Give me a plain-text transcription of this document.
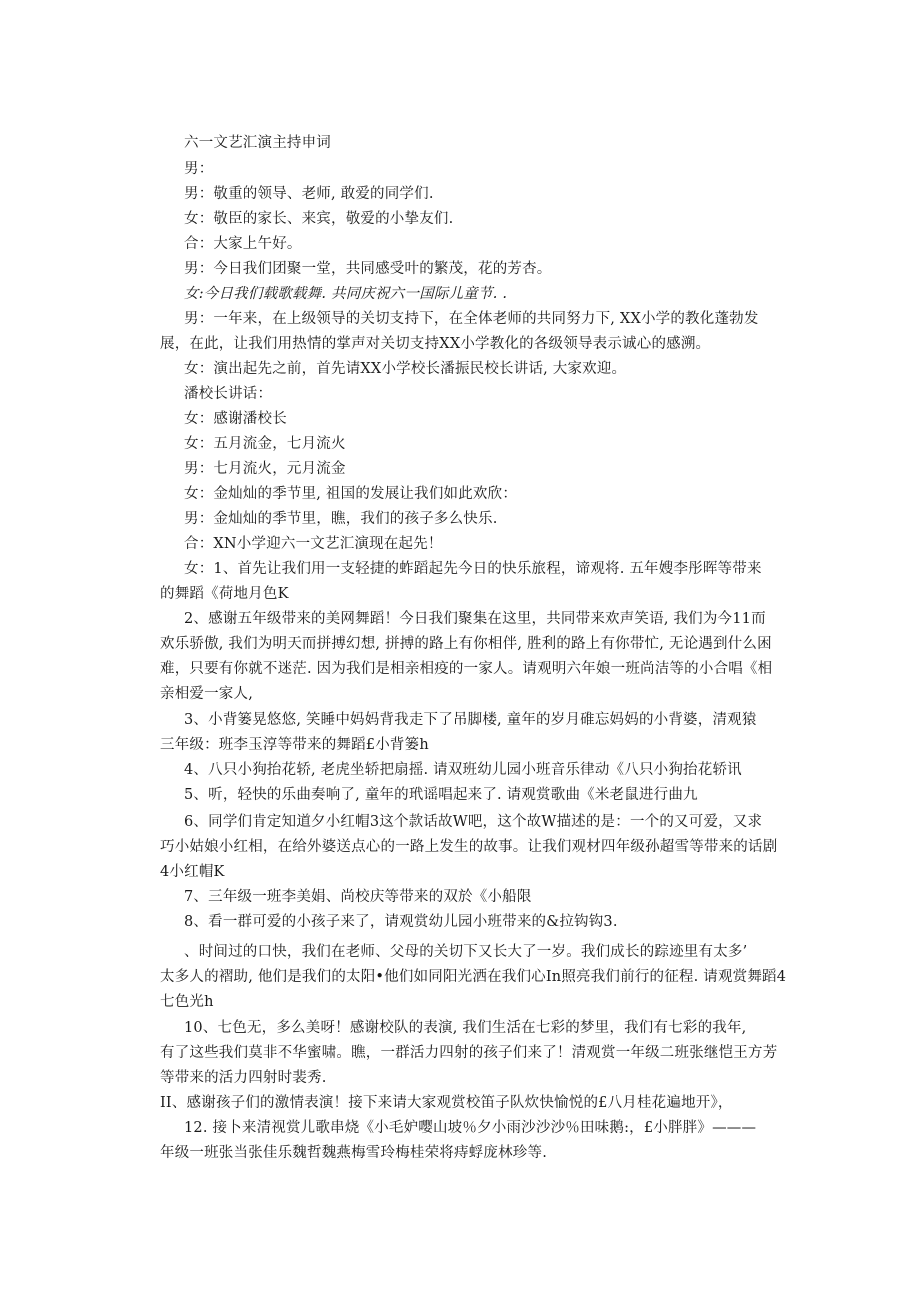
六一文艺汇演主持申词
男：
男：敬重的领导、老师, 敢爱的同学们.
女：敬臣的家长、来宾，敬爱的小挚友们.
合：大家上午好。
男：今日我们团聚一堂，共同感受叶的繁茂，花的芳杏。
女:今日我们载歌载舞. 共同庆祝六一国际儿童节. .
男：一年来，在上级领导的关切支持下，在全体老师的共同努力下, XX小学的教化蓬勃发
展，在此，让我们用热情的掌声对关切支持XX小学教化的各级领导表示诚心的感溯。
女：演出起先之前，首先请XX小学校长潘振民校长讲话, 大家欢迎。
潘校长讲话：
女：感谢潘校长
女：五月流金，七月流火
男：七月流火，元月流金
女：金灿灿的季节里, 祖国的发展让我们如此欢欣：
男：金灿灿的季节里，瞧，我们的孩子多么快乐.
合：XN小学迎六一文艺汇演现在起先！
女：1、首先让我们用一支轻捷的蚱蹈起先今日的快乐旅程，谛观将. 五年嫂李彤晖等带来
的舞蹈《荷地月色K
2、感谢五年级带来的美网舞蹈！今日我们聚集在这里，共同带来欢声笑语, 我们为今11而
欢乐骄傲, 我们为明天而拼搏幻想, 拼搏的路上有你相伴, 胜利的路上有你带忙, 无论遇到什么困
难，只要有你就不迷茫. 因为我们是相亲相疫的一家人。请观明六年娘一班尚洁等的小合唱《相
亲相爱一家人,
3、小背篓晃悠悠, 笑睡中妈妈背我走下了吊脚楼, 童年的岁月碓忘妈妈的小背婆，清观猿
三年级：班李玉淳等带来的舞蹈£小背篓h
4、八只小狗抬花轿, 老虎坐轿把扇摇. 请双班幼儿园小班音乐律动《八只小狗抬花轿讯
5、听，轻快的乐曲奏响了, 童年的玳谣唱起来了. 请观赏歌曲《米老鼠进行曲九
6、同学们肯定知道夕小红帽3这个款话故W吧，这个故W描述的是：一个的又可爱，又求
巧小姑娘小红相，在给外婆送点心的一路上发生的故事。让我们观材四年级孙超雪等带来的话剧
4小红帽K
7、三年级一班李美娟、尚校庆等带来的双於《小船限
8、看一群可爱的小孩子来了，请观赏幼儿园小班带来的&拉钩钩3.
、时间过的口快，我们在老师、父母的关切下又长大了一岁。我们成长的踪迹里有太多’
太多人的褶助, 他们是我们的太阳•他们如同阳光洒在我们心In照亮我们前行的征程. 请观赏舞蹈4
七色光h
10、七色无，多么美呀！感谢校队的表演, 我们生活在七彩的梦里，我们有七彩的我年,
有了这些我们莫非不华蜜啸。瞧，一群活力四射的孩子们来了！清观赏一年级二班张继恺王方芳
等带来的活力四射时裴秀.
II、感谢孩子们的激情表演！接下来请大家观赏校笛子队炊快愉悦的£八月桂花遍地开》，
12. 接卜来清视赏儿歌串烧《小毛妒嘤山坡％夕小雨沙沙沙％田味鹅:，£小胖胖》———
年级一班张当张佳乐魏哲魏燕梅雪玲梅桂荣将痔蜉庞林珍等.
